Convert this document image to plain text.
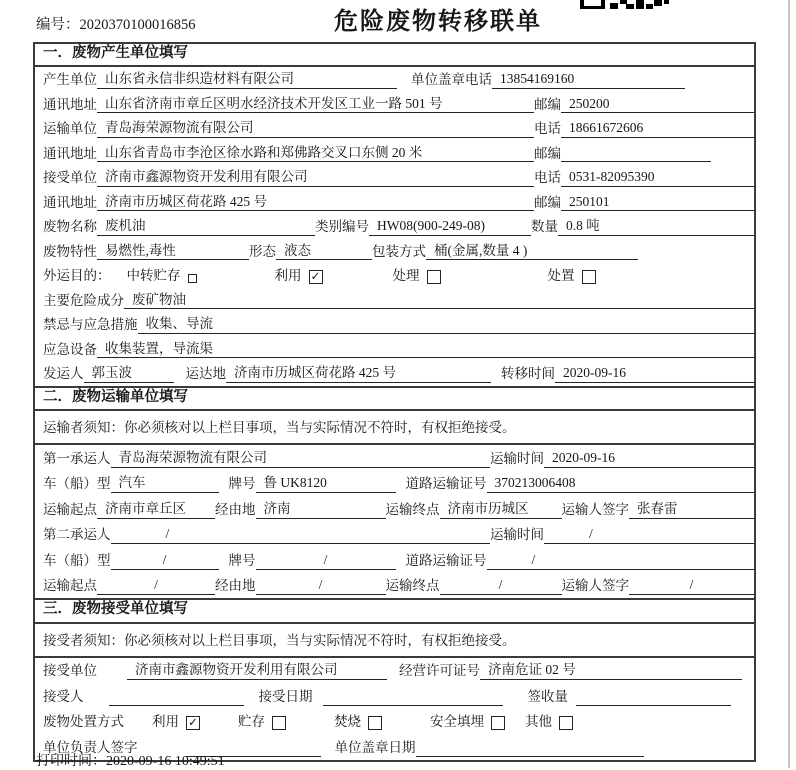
编号：2020370100016856	危险废物转移联单
一．废物产生单位填写
产生单位 山东省永信非织造材料有限公司	单位盖章 电话 13854169160
通讯地址 山东省济南市章丘区明水经济技术开发区工业一路 501 号	邮编 250200
运输单位 青岛海荣源物流有限公司	电话 18661672606
通讯地址 山东省青岛市李沧区徐水路和郑佛路交叉口东侧 20 米	邮编
接受单位 济南市鑫源物资开发利用有限公司	电话 0531-82095390
通讯地址 济南市历城区荷花路 425 号	邮编 250101
废物名称 废机油	类别编号 HW08(900-249-08)	数量 0.8 吨
废物特性 易燃性,毒性	形态 液态	包装方式 桶(金属,数量 4 )
外运目的： 中转贮存	利用 ✓	处理	处置
主要危险成分 废矿物油
禁忌与应急措施 收集、导流
应急设备 收集装置，导流渠
发运人 郭玉波	运达地 济南市历城区荷花路 425 号	转移时间 2020-09-16
二．废物运输单位填写
运输者须知：你必须核对以上栏目事项，当与实际情况不符时，有权拒绝接受。
第一承运人 青岛海荣源物流有限公司	运输时间 2020-09-16
车（船）型 汽车	牌号 鲁 UK8120	道路运输证号 370213006408
运输起点 济南市章丘区	经由地 济南	运输终点 济南市历城区	运输人签字 张春雷
第二承运人	/	运输时间	/
车（船）型	/	牌号	/	道路运输证号	/
运输起点	/	经由地	/	运输终点	/	运输人签字	/
三．废物接受单位填写
接受者须知：你必须核对以上栏目事项，当与实际情况不符时，有权拒绝接受。
接受单位	济南市鑫源物资开发利用有限公司	经营许可证号 济南危证 02 号
接受人	接受日期	签收量
废物处置方式 利用 ✓	贮存	焚烧	安全填埋	其他
单位负责人签字	单位盖章 日期
打印时间：2020-09-16 10:49:51
